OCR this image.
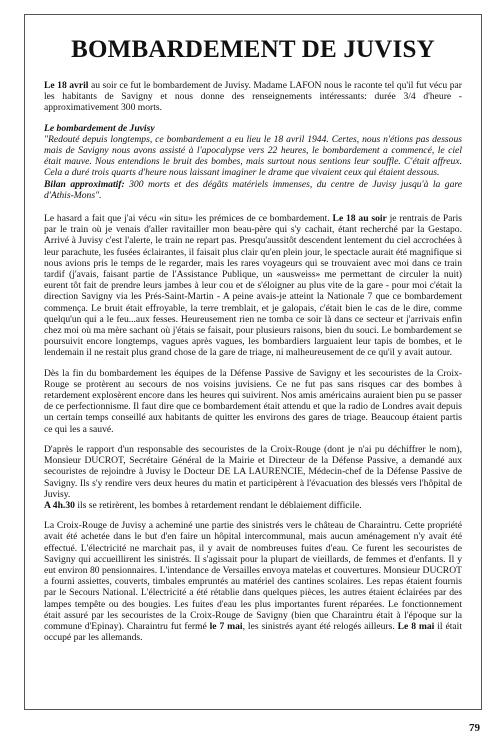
BOMBARDEMENT DE JUVISY

Le 18 avril au soir ce fut le bombardement de Juvisy. Madame LAFON nous le raconte tel qu'il fut vécu par les habitants de Savigny et nous donne des renseignements intéressants: durée 3/4 d'heure - approximativement 300 morts.

Le bombardement de Juvisy

"Redouté depuis longtemps, ce bombardement a eu lieu le 18 avril 1944. Certes, nous n'étions pas dessous mais de Savigny nous avons assisté à l'apocalypse vers 22 heures, le bombardement a commencé, le ciel était mauve. Nous entendions le bruit des bombes, mais surtout nous sentions leur souffle. C'était affreux. Cela a duré trois quarts d'heure nous laissant imaginer le drame que vivaient ceux qui étaient dessous.

Bilan approximatif: 300 morts et des dégâts matériels immenses, du centre de Juvisy jusqu'à la gare d'Athis-Mons".

Le hasard a fait que j'ai vécu «in situ» les prémices de ce bombardement. Le 18 au soir je rentrais de Paris par le train où je venais d'aller ravitailler mon beau-père qui s'y cachait, étant recherché par la Gestapo. Arrivé à Juvisy c'est l'alerte, le train ne repart pas. Presqu'aussitôt descendent lentement du ciel accrochées à leur parachute, les fusées éclairantes, il faisait plus clair qu'en plein jour, le spectacle aurait été magnifique si nous avions pris le temps de le regarder, mais les rares voyageurs qui se trouvaient avec moi dans ce train tardif (j'avais, faisant partie de l'Assistance Publique, un «ausweiss» me permettant de circuler la nuit) eurent tôt fait de prendre leurs jambes à leur cou et de s'éloigner au plus vite de la gare - pour moi c'était la direction Savigny via les Prés-Saint-Martin - A peine avais-je atteint la Nationale 7 que ce bombardement commença. Le bruit était effroyable, la terre tremblait, et je galopais, c'était bien le cas de le dire, comme quelqu'un qui a le feu...aux fesses. Heureusement rien ne tomba ce soir là dans ce secteur et j'arrivais enfin chez moi où ma mère sachant où j'étais se faisait, pour plusieurs raisons, bien du souci. Le bombardement se poursuivit encore longtemps, vagues après vagues, les bombardiers larguaient leur tapis de bombes, et le lendemain il ne restait plus grand chose de la gare de triage, ni malheureusement de ce qu'il y avait autour.

Dès la fin du bombardement les équipes de la Défense Passive de Savigny et les secouristes de la Croix-Rouge se protèrent au secours de nos voisins juvisiens. Ce ne fut pas sans risques car des bombes à retardement explosèrent encore dans les heures qui suivirent. Nos amis américains auraient bien pu se passer de ce perfectionnisme. Il faut dire que ce bombardement était attendu et que la radio de Londres avait depuis un certain temps conseillé aux habitants de quitter les environs des gares de triage. Beaucoup étaient partis ce qui les a sauvé.

D'après le rapport d'un responsable des secouristes de la Croix-Rouge (dont je n'ai pu déchiffrer le nom), Monsieur DUCROT, Secrétaire Général de la Mairie et Directeur de la Défense Passive, a demandé aux secouristes de rejoindre à Juvisy le Docteur DE LA LAURENCIE, Médecin-chef de la Défense Passive de Savigny. Ils s'y rendire vers deux heures du matin et participèrent à l'évacuation des blessés vers l'hôpital de Juvisy.
A 4h.30 ils se retirèrent, les bombes à retardement rendant le déblaiement difficile.

La Croix-Rouge de Juvisy a acheminé une partie des sinistrés vers le château de Charaintru. Cette propriété avait été achetée dans le but d'en faire un hôpital intercommunal, mais aucun aménagement n'y avait été effectué. L'électricité ne marchait pas, il y avait de nombreuses fuites d'eau. Ce furent les secouristes de Savigny qui accueillirent les sinistrés. Il s'agissait pour la plupart de vieillards, de femmes et d'enfants. Il y eut environ 80 pensionnaires. L'intendance de Versailles envoya matelas et couvertures. Monsieur DUCROT a fourni assiettes, couverts, timbales empruntés au matériel des cantines scolaires. Les repas étaient fournis par le Secours National. L'électricité a été rétablie dans quelques pièces, les autres étaient éclairées par des lampes tempête ou des bougies. Les fuites d'eau les plus importantes furent réparées. Le fonctionnement était assuré par les secouristes de la Croix-Rouge de Savigny (bien que Charaintru était à l'époque sur la commune d'Epinay). Charaintru fut fermé le 7 mai, les sinistrés ayant été relogés ailleurs. Le 8 mai il était occupé par les allemands.

79
